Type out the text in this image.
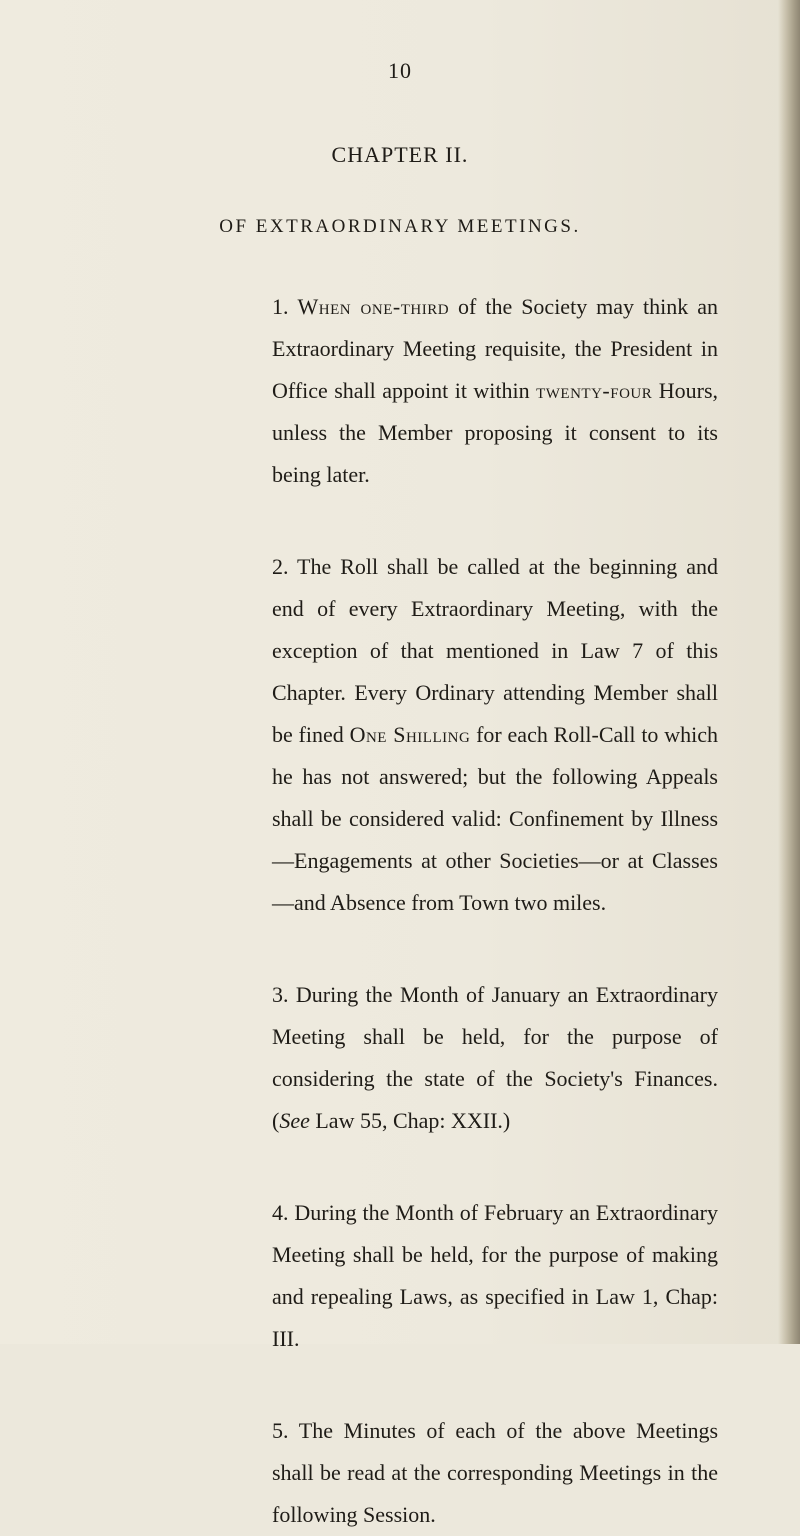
10
CHAPTER II.
OF EXTRAORDINARY MEETINGS.

1. When one-third of the Society may think an Extraordinary Meeting requisite, the President in Office shall appoint it within twenty-four Hours, unless the Member proposing it consent to its being later.

2. The Roll shall be called at the beginning and end of every Extraordinary Meeting, with the exception of that mentioned in Law 7 of this Chapter. Every Ordinary attending Member shall be fined One Shilling for each Roll-Call to which he has not answered; but the following Appeals shall be considered valid: Confinement by Illness—Engagements at other Societies—or at Classes—and Absence from Town two miles.

3. During the Month of January an Extraordinary Meeting shall be held, for the purpose of considering the state of the Society's Finances. (See Law 55, Chap: XXII.)

4. During the Month of February an Extraordinary Meeting shall be held, for the purpose of making and repealing Laws, as specified in Law 1, Chap: III.

5. The Minutes of each of the above Meetings shall be read at the corresponding Meetings in the following Session.
